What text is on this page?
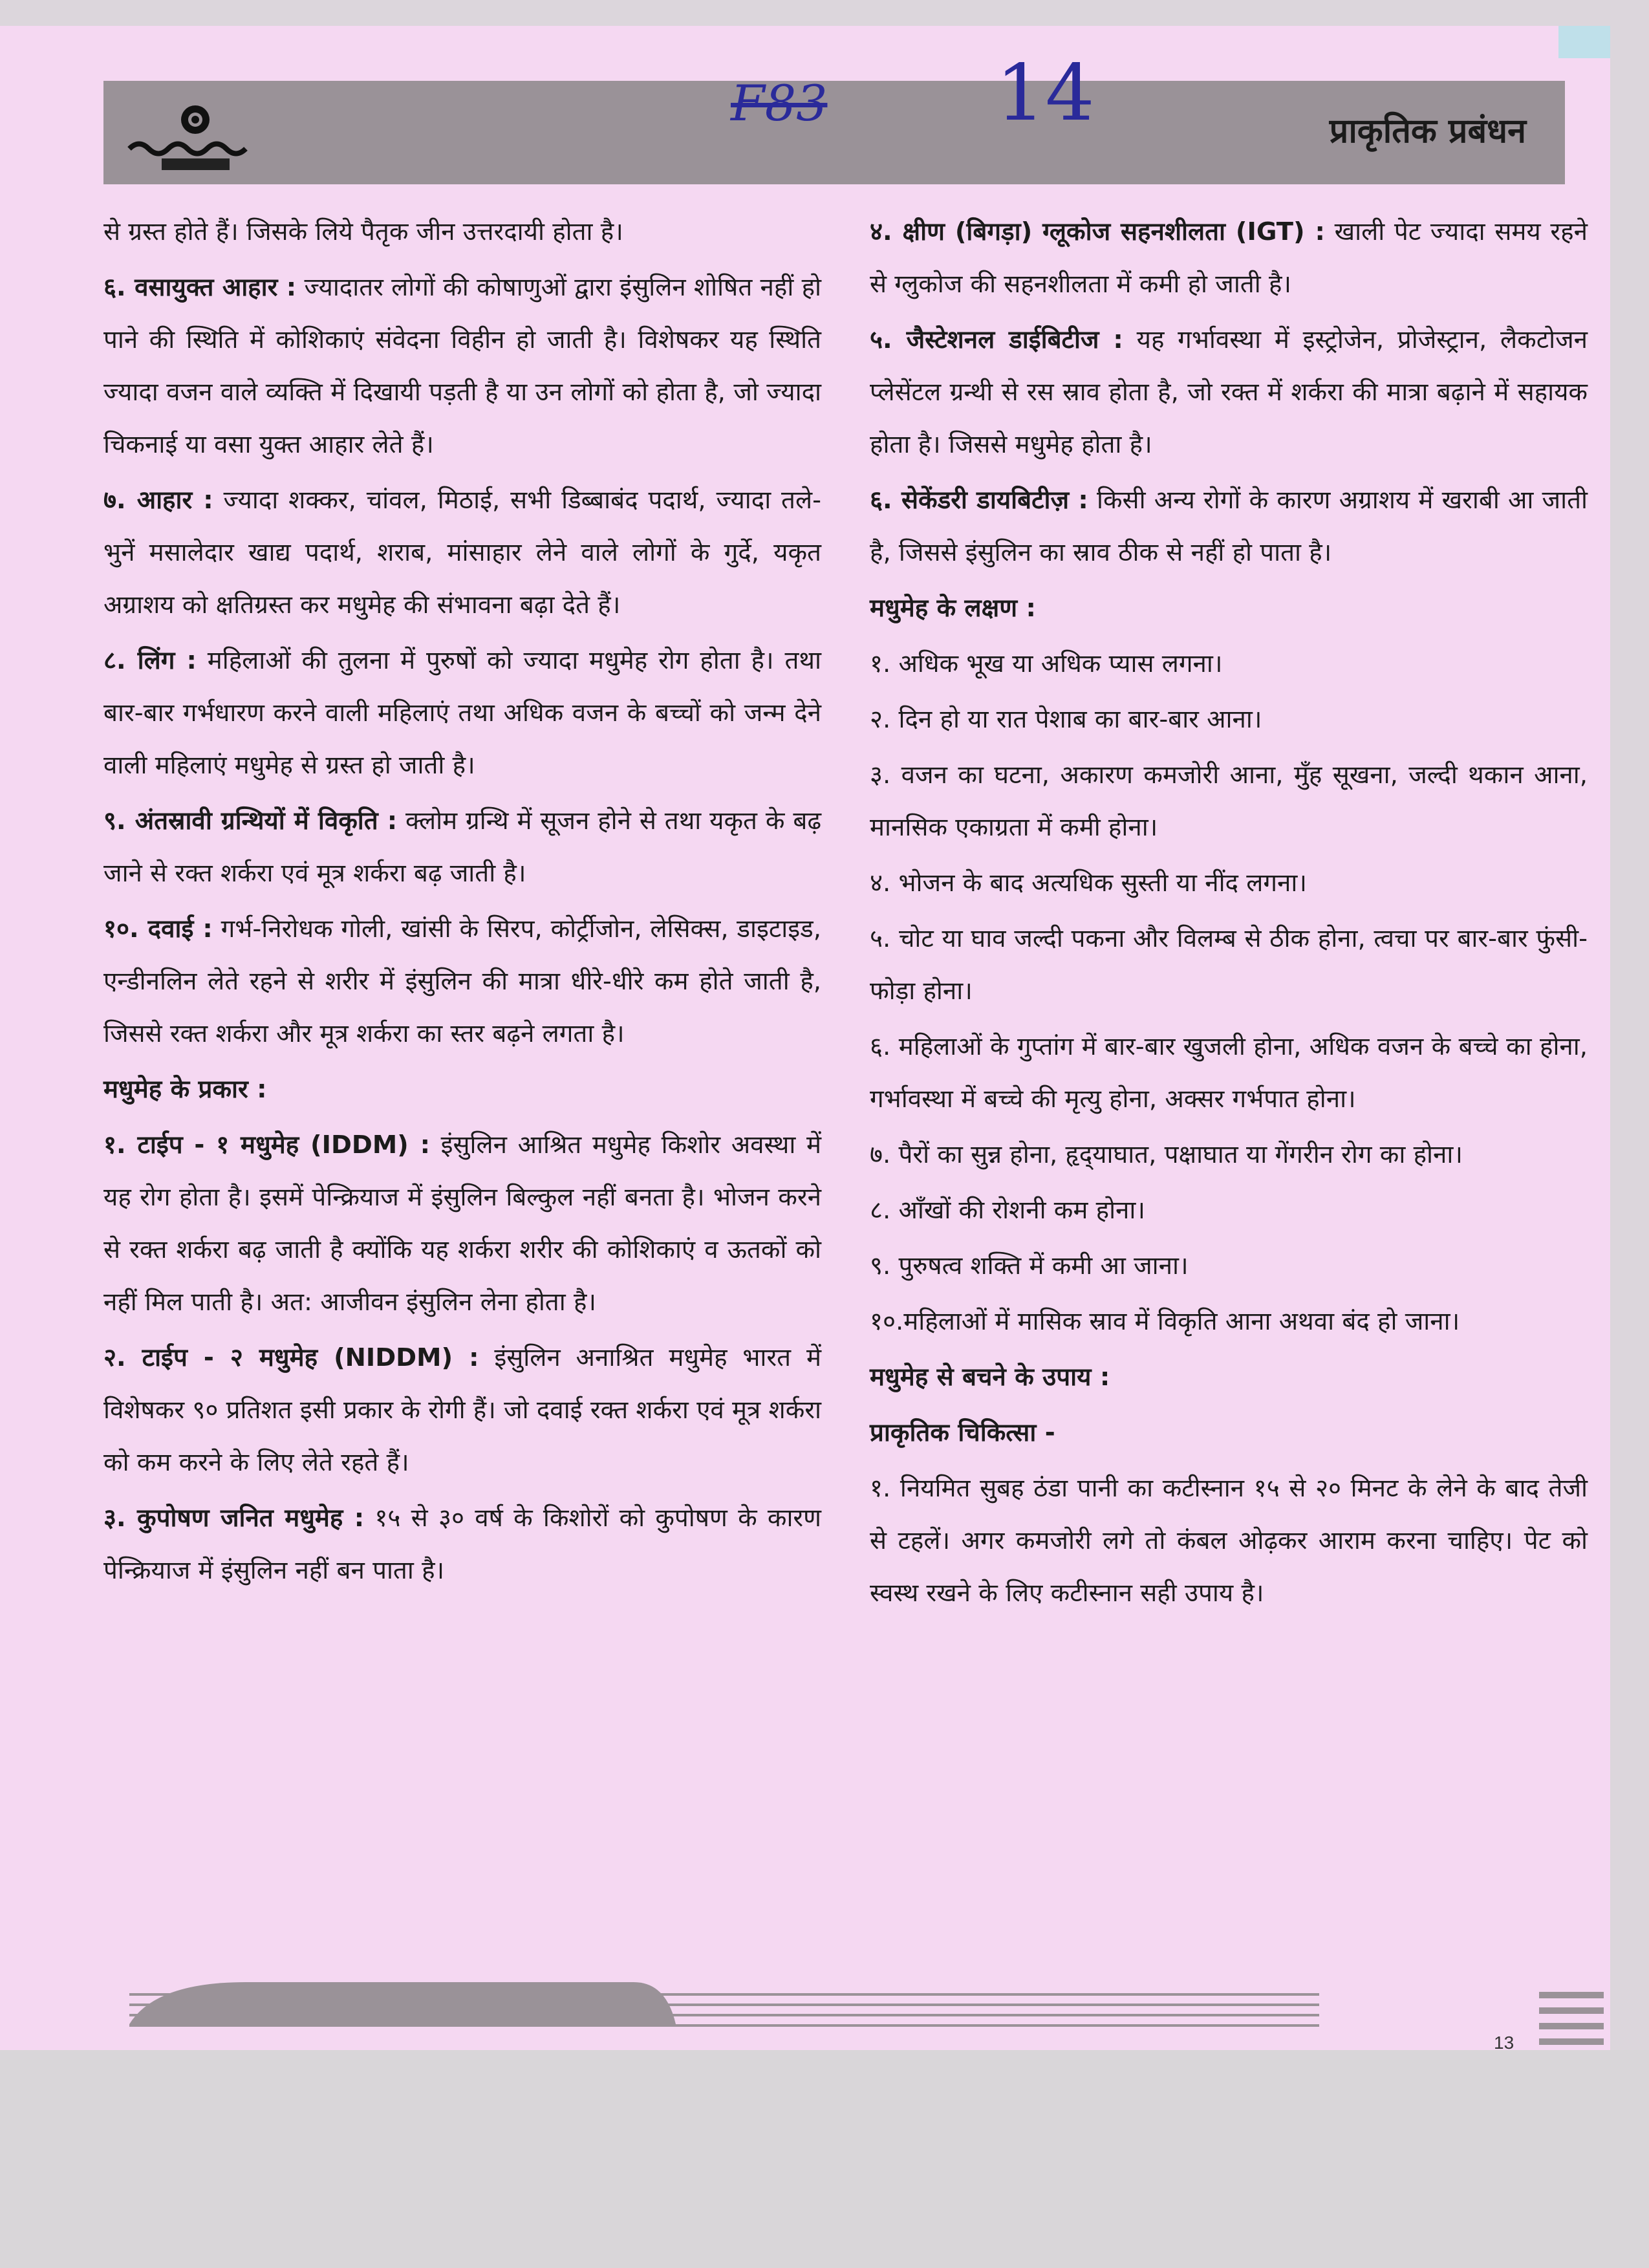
प्राकृतिक प्रबंधन
F83 14

से ग्रस्त होते हैं। जिसके लिये पैतृक जीन उत्तरदायी होता है।

६. वसायुक्त आहार : ज्यादातर लोगों की कोषाणुओं द्वारा इंसुलिन शोषित नहीं हो पाने की स्थिति में कोशिकाएं संवेदना विहीन हो जाती है। विशेषकर यह स्थिति ज्यादा वजन वाले व्यक्ति में दिखायी पड़ती है या उन लोगों को होता है, जो ज्यादा चिकनाई या वसा युक्त आहार लेते हैं।

७. आहार : ज्यादा शक्कर, चांवल, मिठाई, सभी डिब्बाबंद पदार्थ, ज्यादा तले-भुनें मसालेदार खाद्य पदार्थ, शराब, मांसाहार लेने वाले लोगों के गुर्दे, यकृत अग्राशय को क्षतिग्रस्त कर मधुमेह की संभावना बढ़ा देते हैं।

८. लिंग : महिलाओं की तुलना में पुरुषों को ज्यादा मधुमेह रोग होता है। तथा बार-बार गर्भधारण करने वाली महिलाएं तथा अधिक वजन के बच्चों को जन्म देने वाली महिलाएं मधुमेह से ग्रस्त हो जाती है।

९. अंतस्रावी ग्रन्थियों में विकृति : क्लोम ग्रन्थि में सूजन होने से तथा यकृत के बढ़ जाने से रक्त शर्करा एवं मूत्र शर्करा बढ़ जाती है।

१०. दवाई : गर्भ-निरोधक गोली, खांसी के सिरप, कोर्ट्रीजोन, लेसिक्स, डाइटाइड, एन्डीनलिन लेते रहने से शरीर में इंसुलिन की मात्रा धीरे-धीरे कम होते जाती है, जिससे रक्त शर्करा और मूत्र शर्करा का स्तर बढ़ने लगता है।

मधुमेह के प्रकार :

१. टाईप - १ मधुमेह (IDDM) : इंसुलिन आश्रित मधुमेह किशोर अवस्था में यह रोग होता है। इसमें पेन्क्रियाज में इंसुलिन बिल्कुल नहीं बनता है। भोजन करने से रक्त शर्करा बढ़ जाती है क्योंकि यह शर्करा शरीर की कोशिकाएं व ऊतकों को नहीं मिल पाती है। अत: आजीवन इंसुलिन लेना होता है।

२. टाईप - २ मधुमेह (NIDDM) : इंसुलिन अनाश्रित मधुमेह भारत में विशेषकर ९० प्रतिशत इसी प्रकार के रोगी हैं। जो दवाई रक्त शर्करा एवं मूत्र शर्करा को कम करने के लिए लेते रहते हैं।

३. कुपोषण जनित मधुमेह : १५ से ३० वर्ष के किशोरों को कुपोषण के कारण पेन्क्रियाज में इंसुलिन नहीं बन पाता है।

४. क्षीण (बिगड़ा) ग्लूकोज सहनशीलता (IGT) : खाली पेट ज्यादा समय रहने से ग्लुकोज की सहनशीलता में कमी हो जाती है।

५. जैस्टेशनल डाईबिटीज : यह गर्भावस्था में इस्ट्रोजेन, प्रोजेस्ट्रान, लैकटोजन प्लेसेंटल ग्रन्थी से रस स्राव होता है, जो रक्त में शर्करा की मात्रा बढ़ाने में सहायक होता है। जिससे मधुमेह होता है।

६. सेकेंडरी डायबिटीज़ : किसी अन्य रोगों के कारण अग्राशय में खराबी आ जाती है, जिससे इंसुलिन का स्राव ठीक से नहीं हो पाता है।

मधुमेह के लक्षण :

१. अधिक भूख या अधिक प्यास लगना।

२. दिन हो या रात पेशाब का बार-बार आना।

३. वजन का घटना, अकारण कमजोरी आना, मुँह सूखना, जल्दी थकान आना, मानसिक एकाग्रता में कमी होना।

४. भोजन के बाद अत्यधिक सुस्ती या नींद लगना।

५. चोट या घाव जल्दी पकना और विलम्ब से ठीक होना, त्वचा पर बार-बार फुंसी-फोड़ा होना।

६. महिलाओं के गुप्तांग में बार-बार खुजली होना, अधिक वजन के बच्चे का होना, गर्भावस्था में बच्चे की मृत्यु होना, अक्सर गर्भपात होना।

७. पैरों का सुन्न होना, हृद्‌याघात, पक्षाघात या गेंगरीन रोग का होना।

८. आँखों की रोशनी कम होना।

९. पुरुषत्व शक्ति में कमी आ जाना।

१०.महिलाओं में मासिक स्राव में विकृति आना अथवा बंद हो जाना।

मधुमेह से बचने के उपाय :

प्राकृतिक चिकित्सा -

१. नियमित सुबह ठंडा पानी का कटीस्नान १५ से २० मिनट के लेने के बाद तेजी से टहलें। अगर कमजोरी लगे तो कंबल ओढ़कर आराम करना चाहिए। पेट को स्वस्थ रखने के लिए कटीस्नान सही उपाय है।

13
